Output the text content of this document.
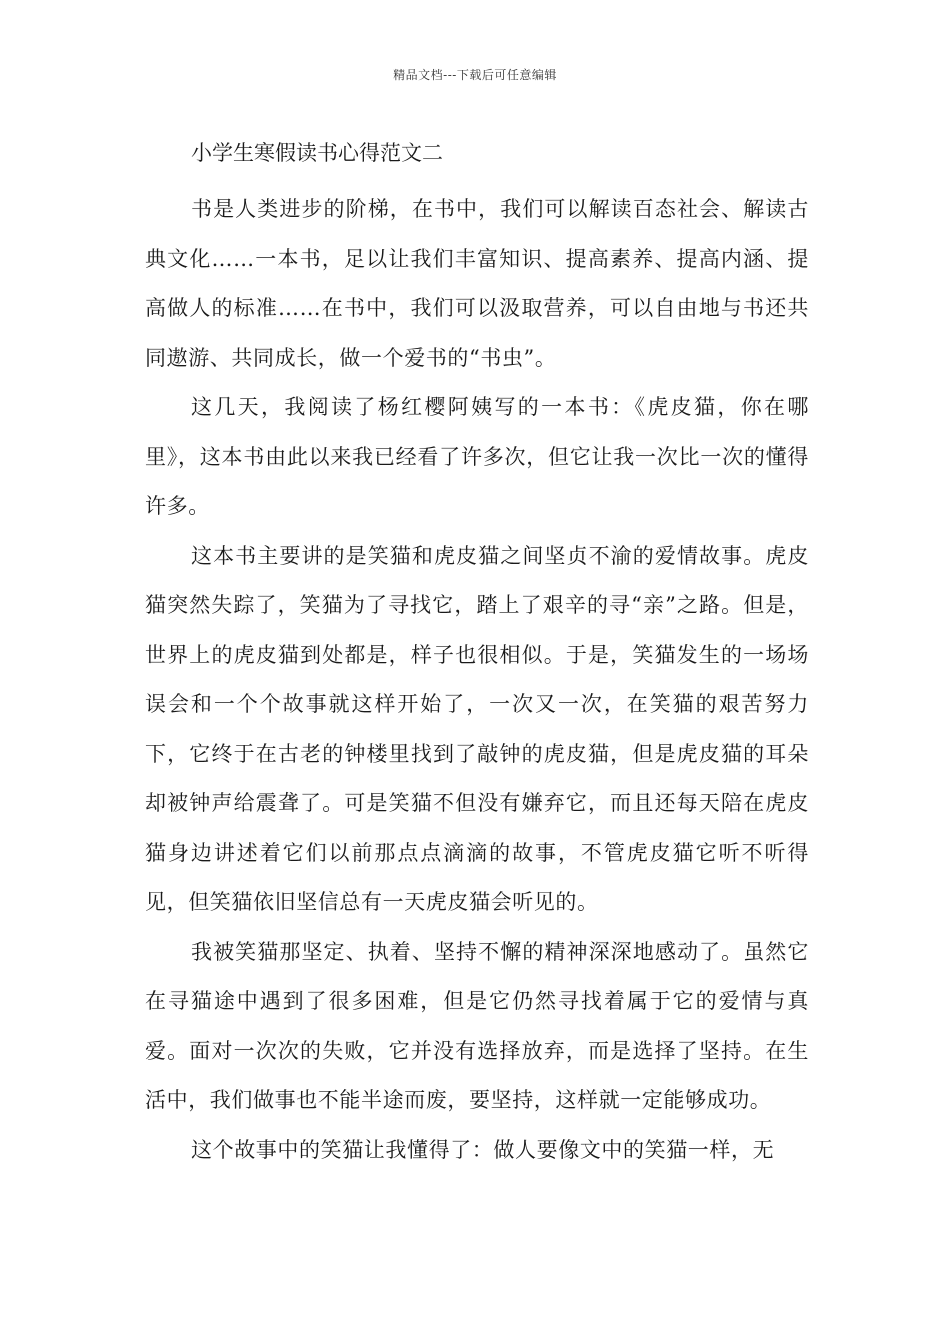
精品文档---下载后可任意编辑
小学生寒假读书心得范文二

书是人类进步的阶梯，在书中，我们可以解读百态社会、解读古典文化……一本书，足以让我们丰富知识、提高素养、提高内涵、提高做人的标准……在书中，我们可以汲取营养，可以自由地与书还共同遨游、共同成长，做一个爱书的“书虫”。

这几天，我阅读了杨红樱阿姨写的一本书：《虎皮猫，你在哪里》，这本书由此以来我已经看了许多次，但它让我一次比一次的懂得许多。

这本书主要讲的是笑猫和虎皮猫之间坚贞不渝的爱情故事。虎皮猫突然失踪了，笑猫为了寻找它，踏上了艰辛的寻“亲”之路。但是，世界上的虎皮猫到处都是，样子也很相似。于是，笑猫发生的一场场误会和一个个故事就这样开始了，一次又一次，在笑猫的艰苦努力下，它终于在古老的钟楼里找到了敲钟的虎皮猫，但是虎皮猫的耳朵却被钟声给震聋了。可是笑猫不但没有嫌弃它，而且还每天陪在虎皮猫身边讲述着它们以前那点点滴滴的故事，不管虎皮猫它听不听得见，但笑猫依旧坚信总有一天虎皮猫会听见的。

我被笑猫那坚定、执着、坚持不懈的精神深深地感动了。虽然它在寻猫途中遇到了很多困难，但是它仍然寻找着属于它的爱情与真爱。面对一次次的失败，它并没有选择放弃，而是选择了坚持。在生活中，我们做事也不能半途而废，要坚持，这样就一定能够成功。

这个故事中的笑猫让我懂得了：做人要像文中的笑猫一样，无
